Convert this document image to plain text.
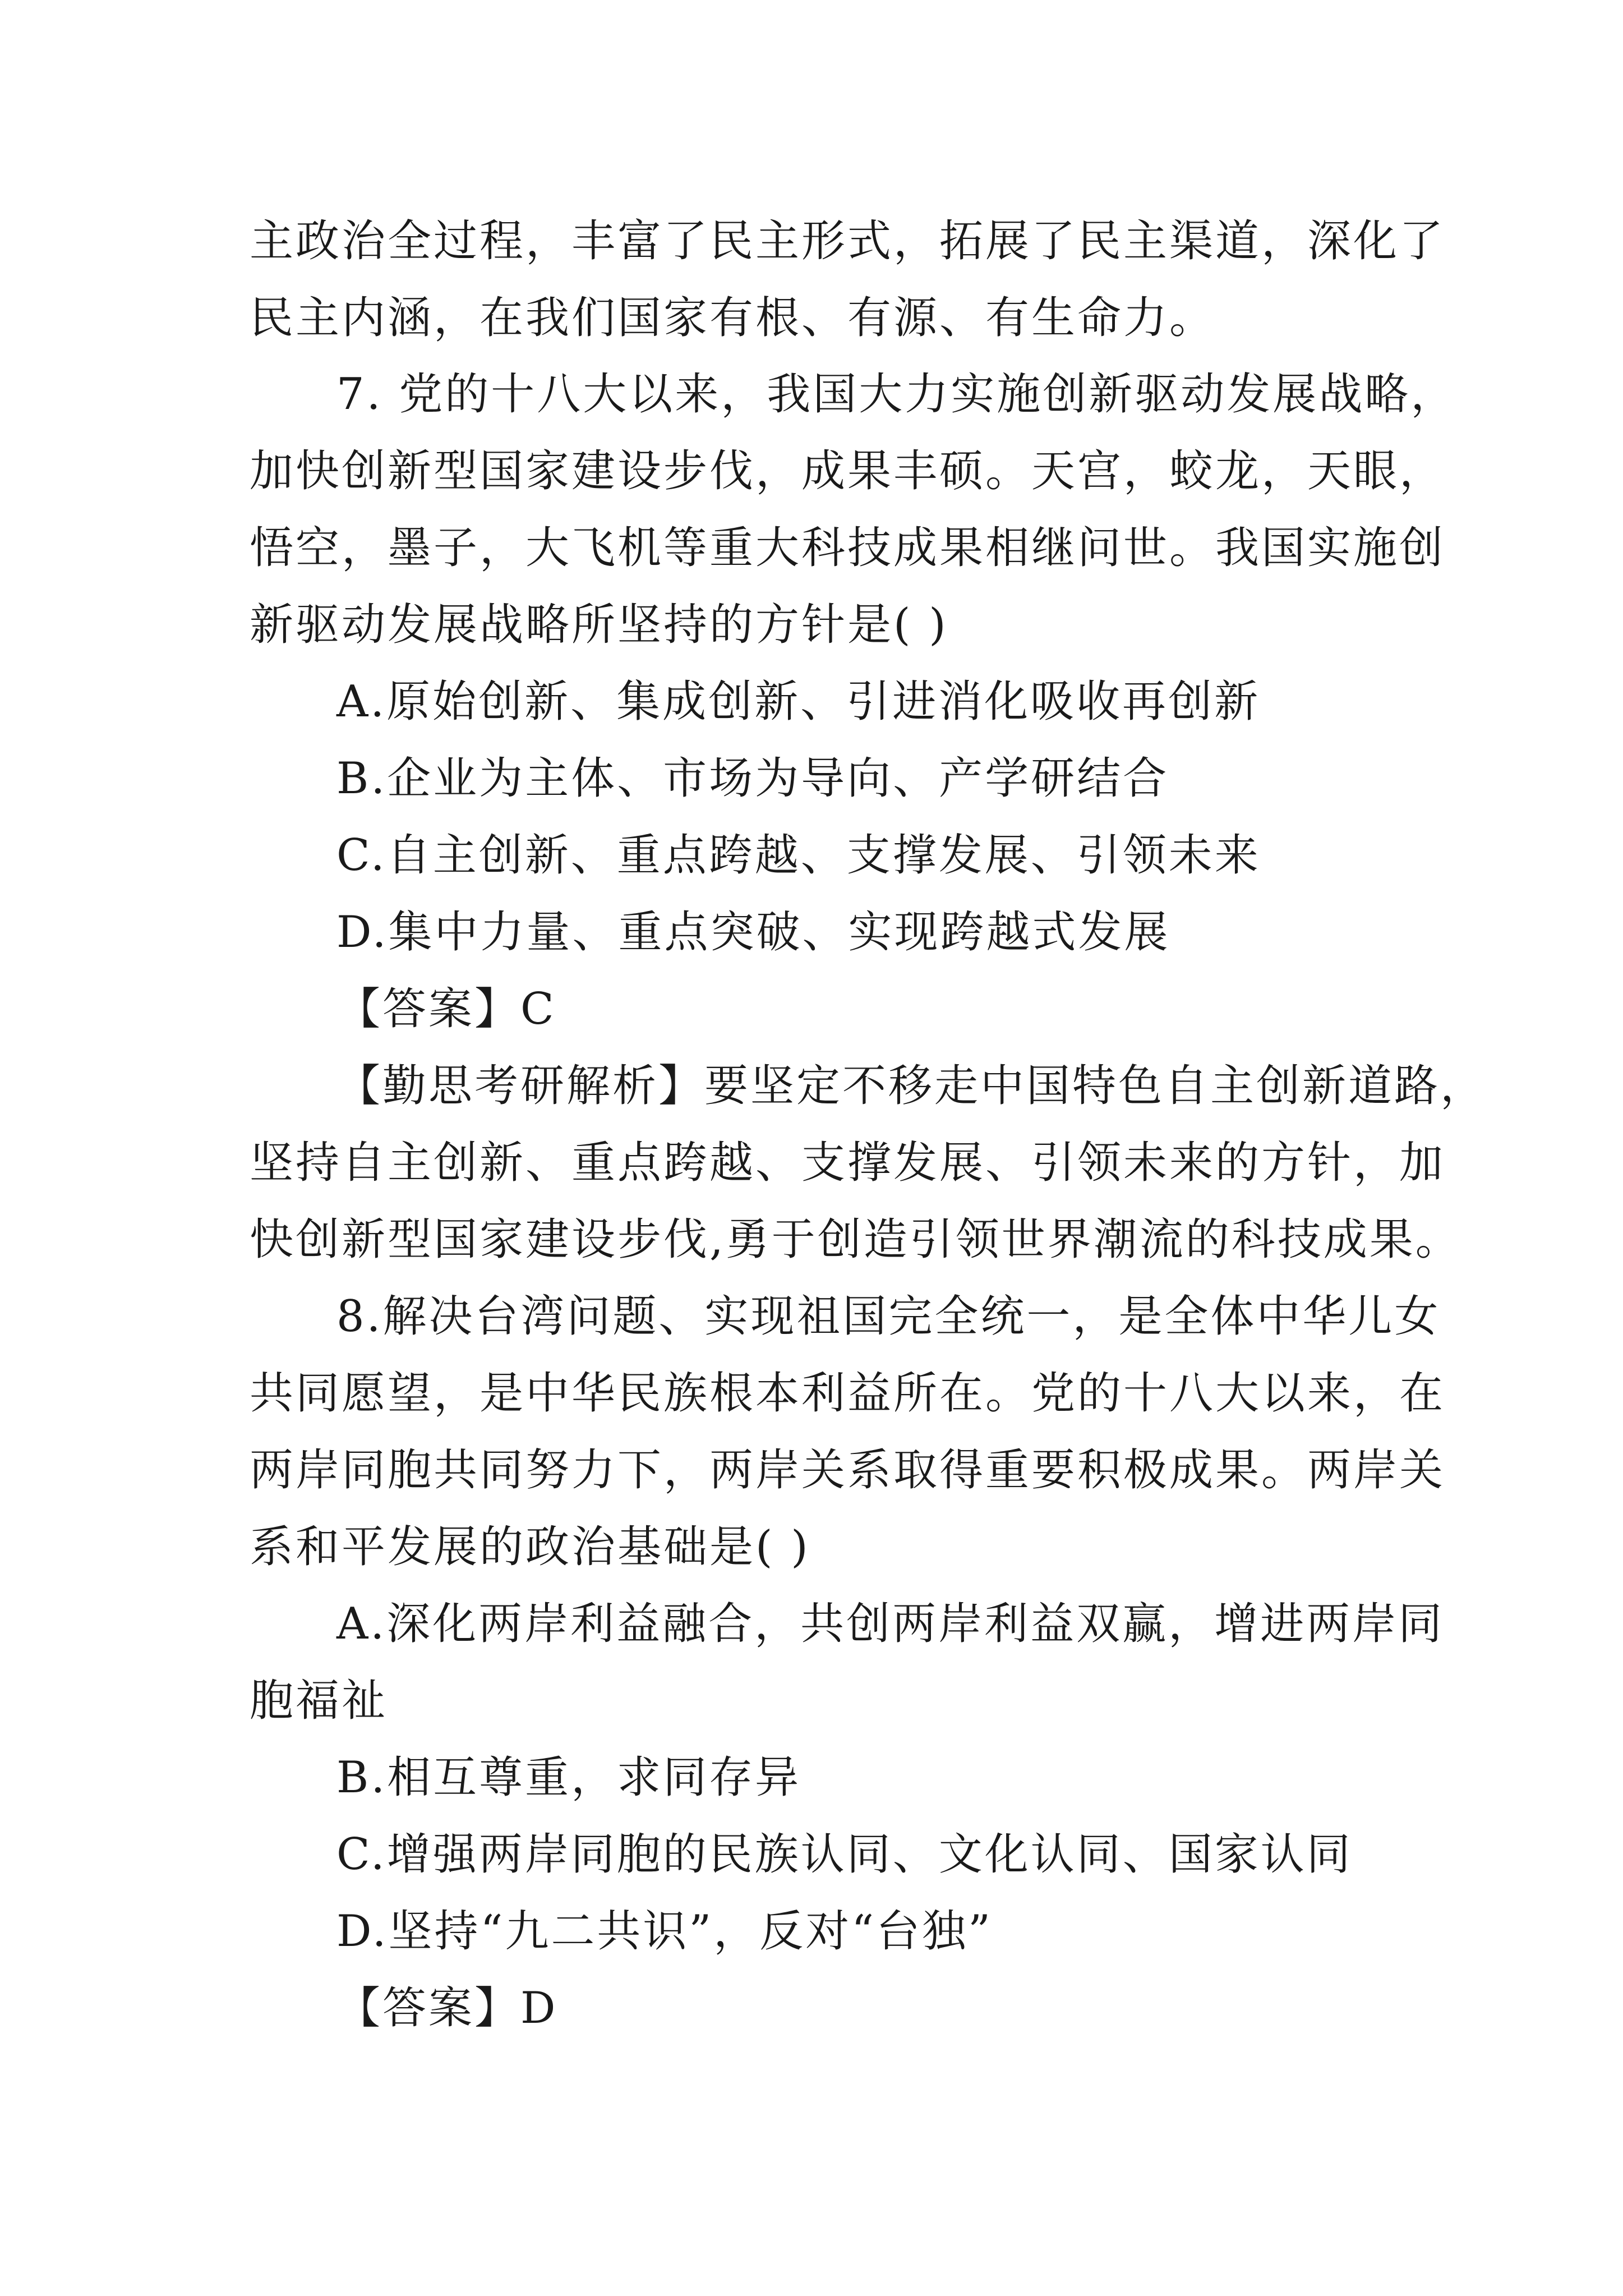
主政治全过程，丰富了民主形式，拓展了民主渠道，深化了
民主内涵，在我们国家有根、有源、有生命力。
7. 党的十八大以来，我国大力实施创新驱动发展战略，
加快创新型国家建设步伐，成果丰硕。天宫，蛟龙，天眼，
悟空，墨子，大飞机等重大科技成果相继问世。我国实施创
新驱动发展战略所坚持的方针是( )
A.原始创新、集成创新、引进消化吸收再创新
B.企业为主体、市场为导向、产学研结合
C.自主创新、重点跨越、支撑发展、引领未来
D.集中力量、重点突破、实现跨越式发展
【答案】C
【勤思考研解析】要坚定不移走中国特色自主创新道路，
坚持自主创新、重点跨越、支撑发展、引领未来的方针，加
快创新型国家建设步伐,勇于创造引领世界潮流的科技成果。
8.解决台湾问题、实现祖国完全统一，是全体中华儿女
共同愿望，是中华民族根本利益所在。党的十八大以来，在
两岸同胞共同努力下，两岸关系取得重要积极成果。两岸关
系和平发展的政治基础是( )
A.深化两岸利益融合，共创两岸利益双赢，增进两岸同
胞福祉
B.相互尊重，求同存异
C.增强两岸同胞的民族认同、文化认同、国家认同
D.坚持“九二共识”，反对“台独”
【答案】D
